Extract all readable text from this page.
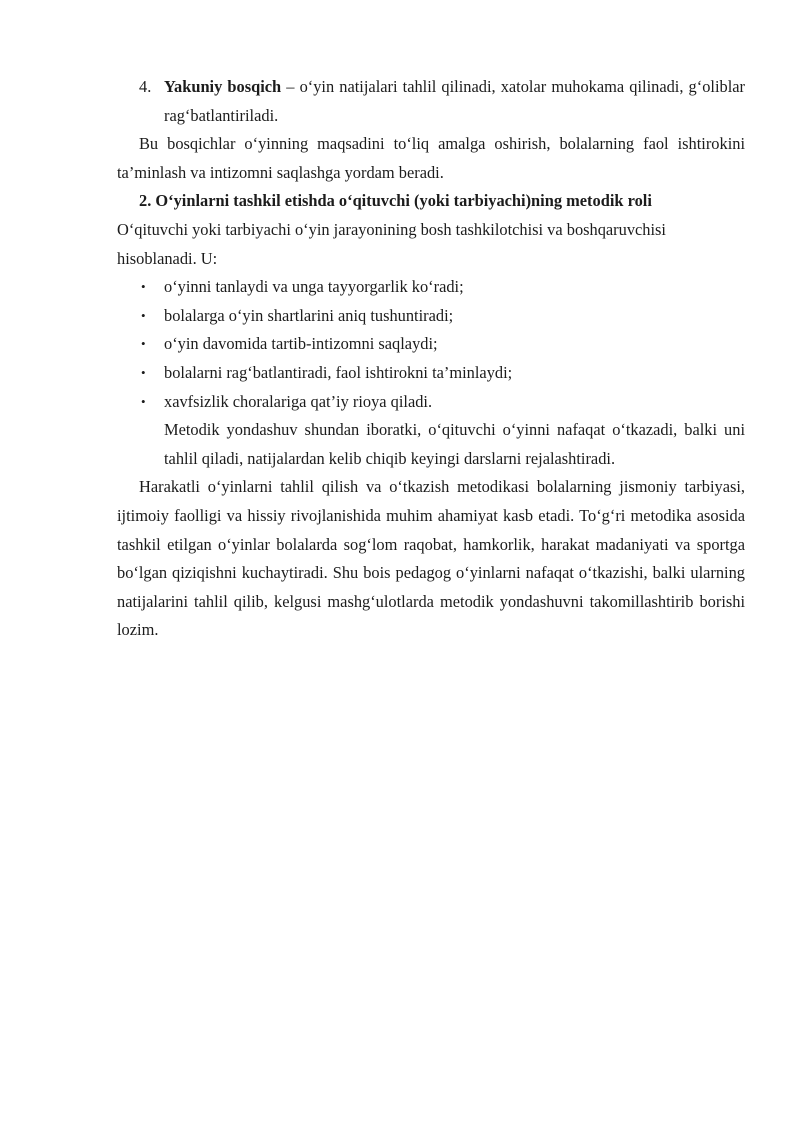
4. Yakuniy bosqich – o‘yin natijalari tahlil qilinadi, xatolar muhokama qilinadi, g‘oliblar rag‘batlantiriladi.

Bu bosqichlar o‘yinning maqsadini to‘liq amalga oshirish, bolalarning faol ishtirokini ta’minlash va intizomni saqlashga yordam beradi.

2. O‘yinlarni tashkil etishda o‘qituvchi (yoki tarbiyachi)ning metodik roli

O‘qituvchi yoki tarbiyachi o‘yin jarayonining bosh tashkilotchisi va boshqaruvchisi hisoblanadi. U:

• o‘yinni tanlaydi va unga tayyorgarlik ko‘radi;
• bolalarga o‘yin shartlarini aniq tushuntiradi;
• o‘yin davomida tartib-intizomni saqlaydi;
• bolalarni rag‘batlantiradi, faol ishtirokni ta’minlaydi;
• xavfsizlik choralariga qat’iy rioya qiladi.

Metodik yondashuv shundan iboratki, o‘qituvchi o‘yinni nafaqat o‘tkazadi, balki uni tahlil qiladi, natijalardan kelib chiqib keyingi darslarni rejalashtiradi.

Harakatli o‘yinlarni tahlil qilish va o‘tkazish metodikasi bolalarning jismoniy tarbiyasi, ijtimoiy faolligi va hissiy rivojlanishida muhim ahamiyat kasb etadi. To‘g‘ri metodika asosida tashkil etilgan o‘yinlar bolalarda sog‘lom raqobat, hamkorlik, harakat madaniyati va sportga bo‘lgan qiziqishni kuchaytiradi. Shu bois pedagog o‘yinlarni nafaqat o‘tkazishi, balki ularning natijalarini tahlil qilib, kelgusi mashg‘ulotlarda metodik yondashuvni takomillashtirib borishi lozim.
